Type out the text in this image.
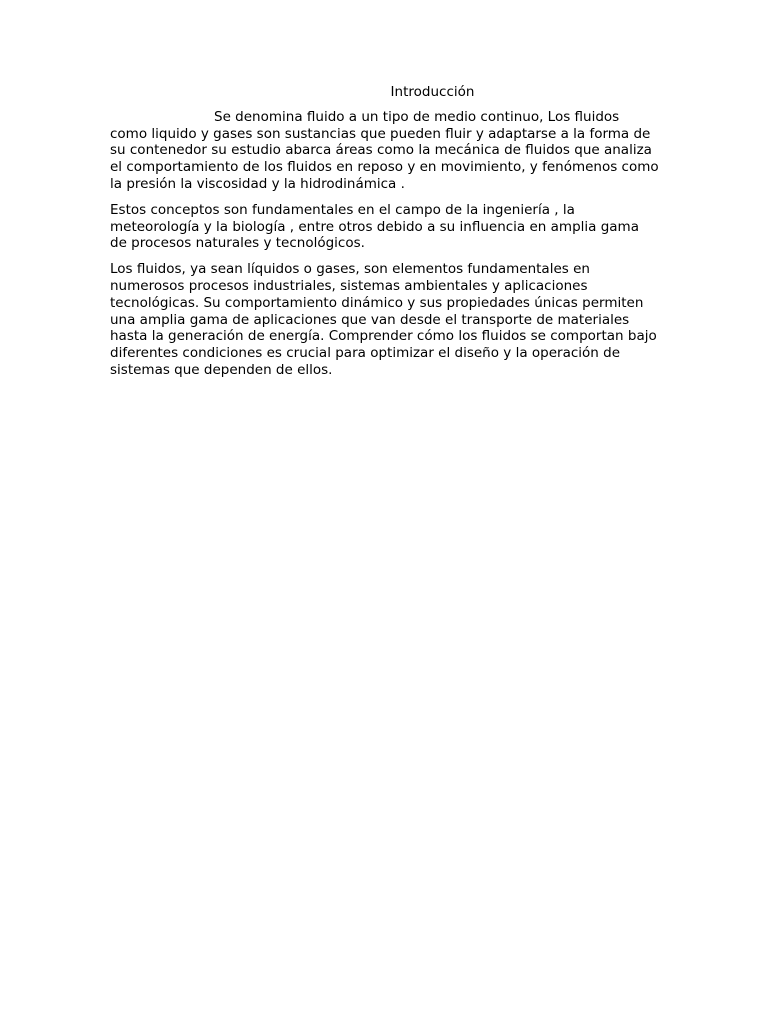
Introducción

Se denomina fluido a un tipo de medio continuo, Los fluidos como liquido y gases son sustancias que pueden fluir y adaptarse a la forma de su contenedor su estudio abarca áreas como la mecánica de fluidos que analiza el comportamiento de los fluidos en reposo y en movimiento, y fenómenos como la presión la viscosidad y la hidrodinámica .

Estos conceptos son fundamentales en el campo de la ingeniería , la meteorología y la biología , entre otros debido a su influencia en amplia gama de procesos naturales y tecnológicos.

Los fluidos, ya sean líquidos o gases, son elementos fundamentales en numerosos procesos industriales, sistemas ambientales y aplicaciones tecnológicas. Su comportamiento dinámico y sus propiedades únicas permiten una amplia gama de aplicaciones que van desde el transporte de materiales hasta la generación de energía. Comprender cómo los fluidos se comportan bajo diferentes condiciones es crucial para optimizar el diseño y la operación de sistemas que dependen de ellos.
